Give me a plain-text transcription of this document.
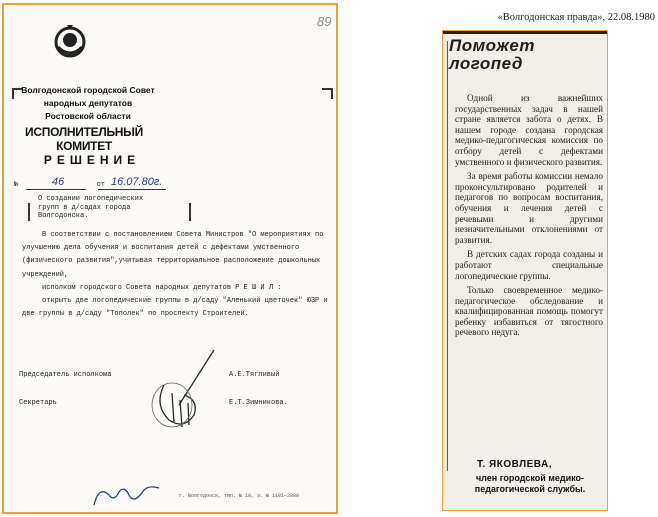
89
Волгодонской городской Совет
народных депутатов
Ростовской области
ИСПОЛНИТЕЛЬНЫЙ КОМИТЕТ
РЕШЕНИЕ
№	от
46	16.07.80г.
О создании логопедических групп в д/садах города Волгодонска.

В соответствии с постановлением Совета Министров "О мероприятиях по улучшению дела обучения и воспитания детей с дефектами умственного (физического развития",учитывая территориальное расположение дошкольных учреждений,

исполком городского Совета народных депутатов Р Е Ш И Л :

открыть две логопедические группы в д/саду "Аленький цветочек" ЮЗР и две группы в д/саду "Тополек" по проспекту Строителей.

Председатель исполкома	А.Е.Тягливый
Секретарь	Е.Т.Зимникова.
г. Волгодонск, тип. № 10, з. № 1101—2000
«Волгодонская правда», 22.08.1980
Поможет
логопед

Одной из важнейших государственных задач в нашей стране является забота о детях. В нашем городе создана городская медико-педагогическая комиссия по отбору детей с дефектами умственного и физического развития.

За время работы комиссии немало проконсультировано родителей и педагогов по вопросам воспитания, обучения и лечения детей с речевыми и другими незначительными отклонениями от развития.

В детских садах города созданы и работают специальные логопедические группы.

Только своевременное медико-педагогическое обследование и квалифицированная помощь помогут ребенку избавиться от тягостного речевого недуга.

Т. ЯКОВЛЕВА,
член городской медико-педагогической службы.
